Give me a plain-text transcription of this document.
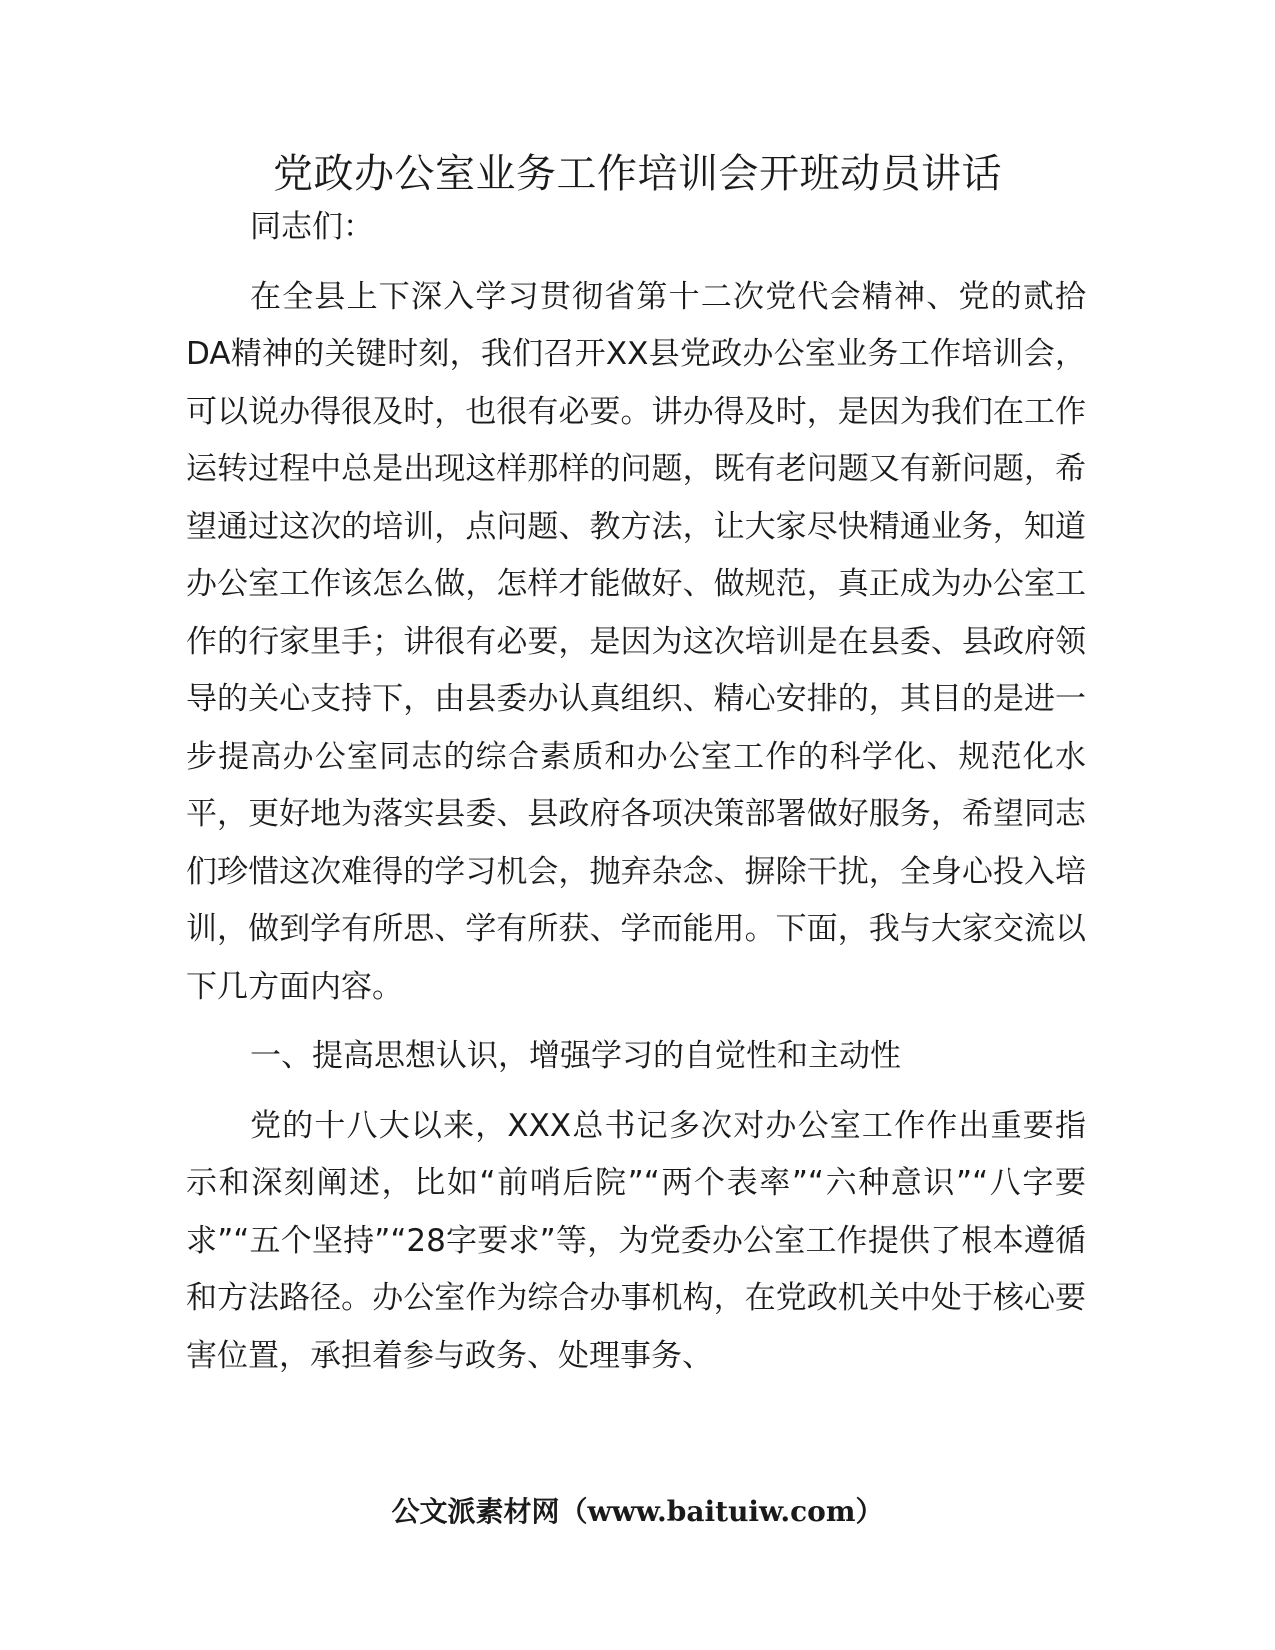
党政办公室业务工作培训会开班动员讲话

同志们：

在全县上下深入学习贯彻省第十二次党代会精神、党的贰拾DA精神的关键时刻，我们召开XX县党政办公室业务工作培训会，可以说办得很及时，也很有必要。讲办得及时，是因为我们在工作运转过程中总是出现这样那样的问题，既有老问题又有新问题，希望通过这次的培训，点问题、教方法，让大家尽快精通业务，知道办公室工作该怎么做，怎样才能做好、做规范，真正成为办公室工作的行家里手；讲很有必要，是因为这次培训是在县委、县政府领导的关心支持下，由县委办认真组织、精心安排的，其目的是进一步提高办公室同志的综合素质和办公室工作的科学化、规范化水平，更好地为落实县委、县政府各项决策部署做好服务，希望同志们珍惜这次难得的学习机会，抛弃杂念、摒除干扰，全身心投入培训，做到学有所思、学有所获、学而能用。下面，我与大家交流以下几方面内容。

一、提高思想认识，增强学习的自觉性和主动性

党的十八大以来，XXX总书记多次对办公室工作作出重要指示和深刻阐述，比如“前哨后院”“两个表率”“六种意识”“八字要求”“五个坚持”“28字要求”等，为党委办公室工作提供了根本遵循和方法路径。办公室作为综合办事机构，在党政机关中处于核心要害位置，承担着参与政务、处理事务、

公文派素材网（www.baituiw.com）
